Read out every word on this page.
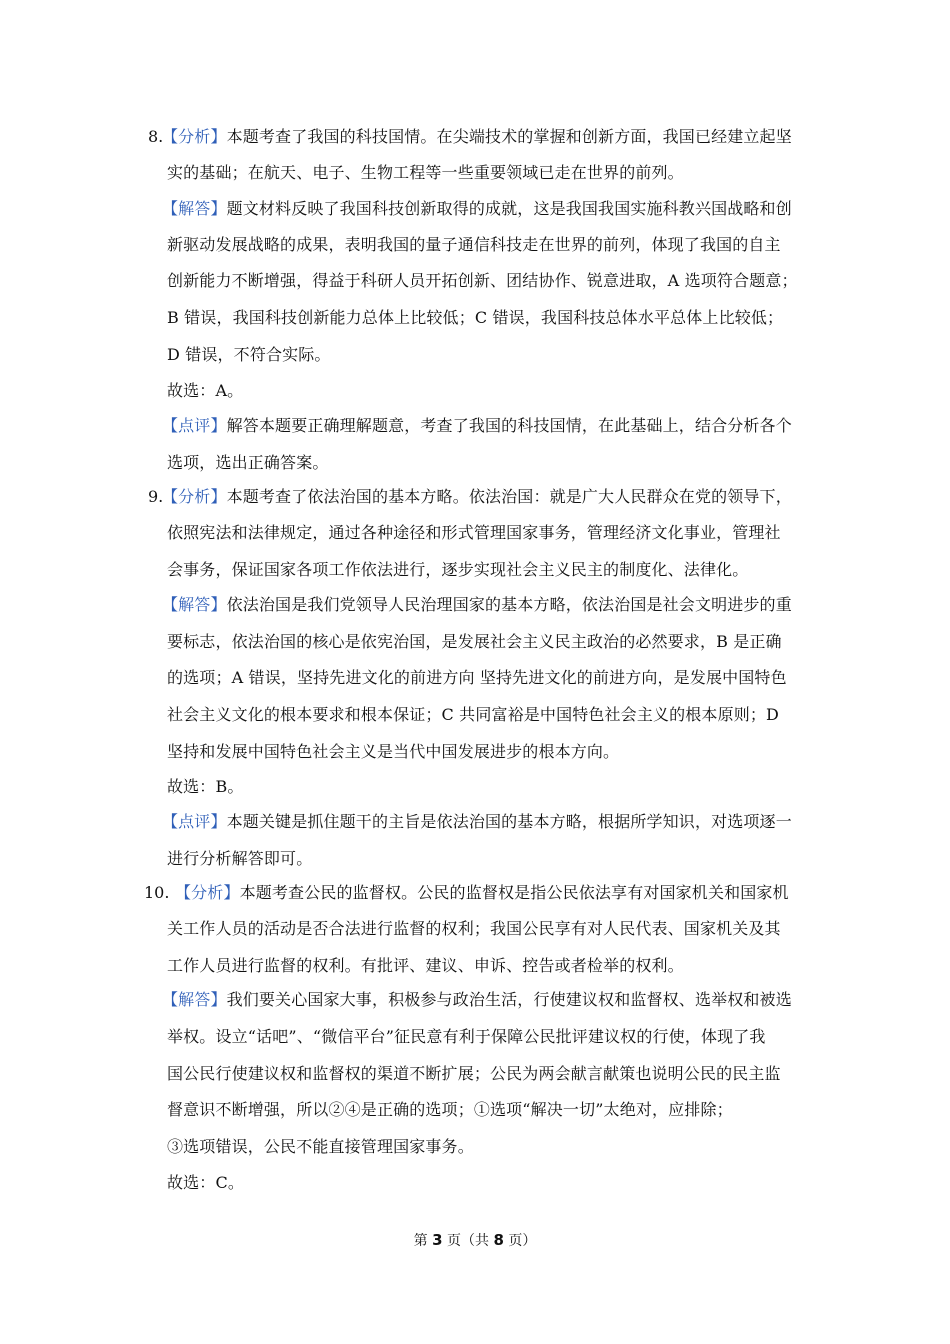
8.
【分析】本题考查了我国的科技国情。在尖端技术的掌握和创新方面，我国已经建立起坚
实的基础；在航天、电子、生物工程等一些重要领域已走在世界的前列。
【解答】题文材料反映了我国科技创新取得的成就，这是我国我国实施科教兴国战略和创
新驱动发展战略的成果，表明我国的量子通信科技走在世界的前列，体现了我国的自主
创新能力不断增强，得益于科研人员开拓创新、团结协作、锐意进取，A 选项符合题意；
B 错误，我国科技创新能力总体上比较低；C 错误，我国科技总体水平总体上比较低；
D 错误，不符合实际。
故选：A。
【点评】解答本题要正确理解题意，考查了我国的科技国情，在此基础上，结合分析各个
选项，选出正确答案。
9.
【分析】本题考查了依法治国的基本方略。依法治国：就是广大人民群众在党的领导下，
依照宪法和法律规定，通过各种途径和形式管理国家事务，管理经济文化事业，管理社
会事务，保证国家各项工作依法进行，逐步实现社会主义民主的制度化、法律化。
【解答】依法治国是我们党领导人民治理国家的基本方略，依法治国是社会文明进步的重
要标志，依法治国的核心是依宪治国，是发展社会主义民主政治的必然要求，B 是正确
的选项；A 错误，坚持先进文化的前进方向 坚持先进文化的前进方向，是发展中国特色
社会主义文化的根本要求和根本保证；C 共同富裕是中国特色社会主义的根本原则；D
坚持和发展中国特色社会主义是当代中国发展进步的根本方向。
故选：B。
【点评】本题关键是抓住题干的主旨是依法治国的基本方略，根据所学知识，对选项逐一
进行分析解答即可。
10. 【分析】本题考查公民的监督权。公民的监督权是指公民依法享有对国家机关和国家机
关工作人员的活动是否合法进行监督的权利；我国公民享有对人民代表、国家机关及其
工作人员进行监督的权利。有批评、建议、申诉、控告或者检举的权利。
【解答】我们要关心国家大事，积极参与政治生活，行使建议权和监督权、选举权和被选
举权。设立“话吧”、“微信平台”征民意有利于保障公民批评建议权的行使，体现了我
国公民行使建议权和监督权的渠道不断扩展；公民为两会献言献策也说明公民的民主监
督意识不断增强，所以②④是正确的选项；①选项“解决一切”太绝对，应排除；
③选项错误，公民不能直接管理国家事务。
故选：C。
第 3 页（共 8 页）
